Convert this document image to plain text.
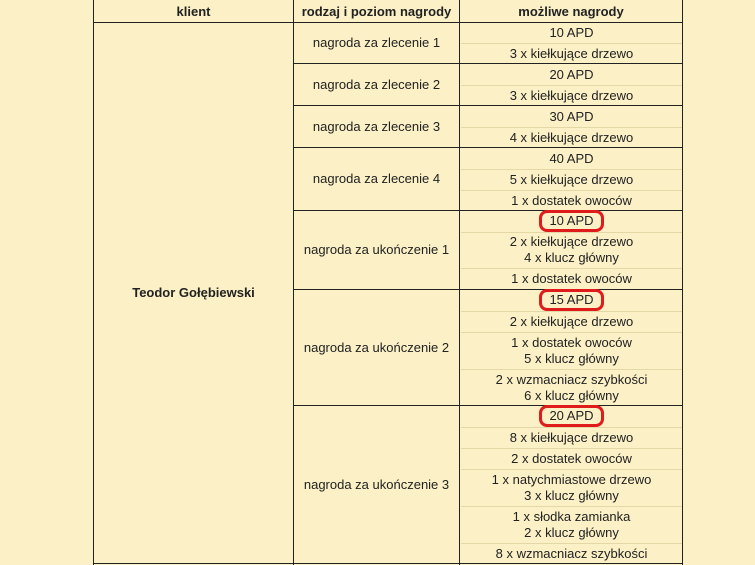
klient	rodzaj i poziom nagrody	możliwe nagrody
Teodor Gołębiewski
nagroda za zlecenie 1
10 APD
3 x kiełkujące drzewo
nagroda za zlecenie 2
20 APD
3 x kiełkujące drzewo
nagroda za zlecenie 3
30 APD
4 x kiełkujące drzewo
nagroda za zlecenie 4
40 APD
5 x kiełkujące drzewo
1 x dostatek owoców
nagroda za ukończenie 1
10 APD
2 x kiełkujące drzewo
4 x klucz główny
1 x dostatek owoców
nagroda za ukończenie 2
15 APD
2 x kiełkujące drzewo
1 x dostatek owoców
5 x klucz główny
2 x wzmacniacz szybkości
6 x klucz główny
nagroda za ukończenie 3
20 APD
8 x kiełkujące drzewo
2 x dostatek owoców
1 x natychmiastowe drzewo
3 x klucz główny
1 x słodka zamianka
2 x klucz główny
8 x wzmacniacz szybkości
